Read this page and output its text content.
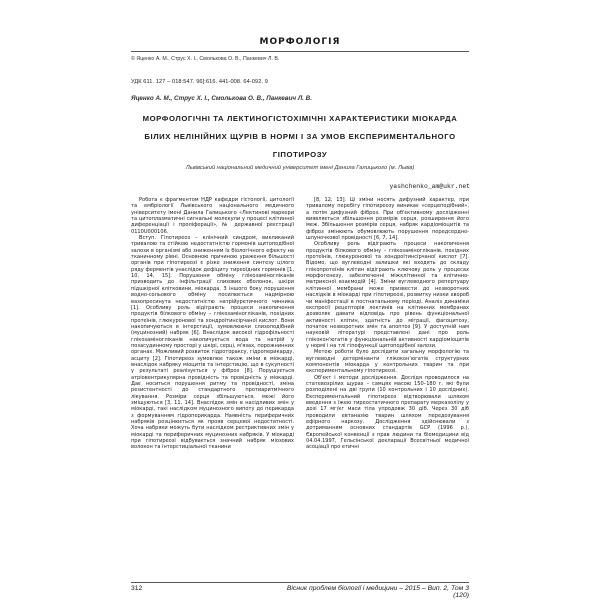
МОРФОЛОГІЯ
© Яценко А. М., Струс Х. І., Смолькова О. В., Панкевич Л. В.
УДК 611. 127 – 018:547. 96]:616. 441-008. 64-092. 9
Яценко А. М., Струс Х. І., Смолькова О. В., Панкевич Л. В.
МОРФОЛОГІЧНІ ТА ЛЕКТИНОГІСТОХІМІЧНІ ХАРАКТЕРИСТИКИ МІОКАРДА
БІЛИХ НЕЛІНІЙНИХ ЩУРІВ В НОРМІ І ЗА УМОВ ЕКСПЕРИМЕНТАЛЬНОГО
ГІПОТИРОЗУ
Львівський національний медичний університет імені Данила Галицького (м. Львів)
yashchenko_am@ukr.net

Робота є фрагментом НДР кафедри гістології, цитології та ембріології Львівського національного медичного університету імені Данила Галицького «Лектинові маркери та цитоплазматичні сигнальні молекули у процесі клітинної диференціації і проліферації», № державної реєстрації 0110U000106.

Вступ. Гіпотиреоз – клінічний синдром, викликаний тривалою та стійкою недостатністю гормонів щитоподібної залози в організмі або зниженням їх біологічного ефекту на тканинному рівні. Основною причиною ураження більшості органів при гіпотиреозі є різке зниження синтезу цілого ряду ферментів унаслідок дефіциту тиреоїдних гормонів [1, 10, 14, 15]. Порушення обміну глікозаміногліканів призводить до інфільтрації слизових оболонок, шкіри підшкірної клітковини, міокарда. З іншого боку порушення водно-сольового обміну посилюється надмірною вазопресинута недостатністю натрійуретичного чинника [1]. Особливу роль відіграють процеси накопичення продуктів білкового обміну – глікозаміногліканів, похідних протеїнів, глюкуронової та хондроїтинсірчаної кислот. Вони накопичуються в інтерстиції, зумовлюючи слизоподібний (муцинозний) набряк [6]. Внаслідок високої гідрофільності глікозаміногліканів накопичується вода та натрій у позасудинному просторі у шкірі, серці, м'язах, порожнинних органах. Можливий розвиток гідротораксу, гідроперикарду, асциту [2]. Гіпотиреоз зумовлює також зміни в міокарді, внаслідок набряку міоцитів та інтерстицію, що в сукупності у результаті реалізується у фіброз [8]. Порушується атріовентрикулярна провідність та провідність у міокарді. Дає носиться порушення ритму та провідності, зміна резистентності до стандартного протиаритмічного лікування. Розміри серця збільшуються, межі його зміщуються [3, 11, 14]. Внаслідок змін в насідливих змін у міокарді, такі наслідком муцинозного випоту до перикарда з формуванням гідроперикарда. Наявність периферичних набряків розцінюється як прояв серцевої недостатності. Хоча набряки можуть бути наслідком рестриктивних змін у міокарді та периферичних муцинозних набряків. У міокарді при гіпотиреозі відбувається значний набряк міозових волокон та інтерстиціальної тканини

[8, 12, 13]. Ці зміни носять дифузний характер, при тривалому перебігу гіпотиреозу виникає «серцеподібний», а потім дифузний фіброз. При об'єктивному дослідженні виявляється збільшення розмірів серця, розширення його меж. Збільшення розмірів серця, набряк кардіоміоцитів та фіброз змінюють обумовлюють порушення передсердно-шлуночкової провідності [6, 7, 14].

Особливу роль відіграють процеси накопичення продуктів білкового обміну – глікозаміногліканів, похідних протеїнів, глюкуронової та хондроїтинсірчаної кислот [7]. Відомо, що вуглеводні залишки які входять до складу глікопротеїнів клітин відіграють ключову роль у процесах морфогенезу, забезпеченні міжклітинної та клітинно-матриксної взаємодій [4]. Зміни вуглеводного репертуару клітинної мембрани може призвести до незворотних наслідків в міокарді при гіпотиреозі, розвитку низки хвороб чи маніфестації в постнатальному періоді. Аналіз динаміки експресії рецепторів лектинів на клітинних мембранах дозволяє давати відповідь про рівень функціональної активності клітин, здатність до міграції, фагоцитозу, початок незворотних змін та апоптоз [9]. У доступній нам науковій літературі представлені дані про роль глікокон'югатів у функціональній активності кардіоміоцитів у нормі і на тлі гіпофункції щитоподібної залози.

Метою роботи було дослідити загальну морфологію та вуглеводні детермінанти глікокон'югатів структурних компонентів міокарда у контрольних тварин та при експериментальному гіпотиреозі.

Об'єкт і методи дослідження. Дослідя проводилося на статевозрілих щурах – самцях масою 150–180 г. які були розподілені на дві групи (10 контрольних і 10 дослідних). Експериментальний гіпотиреоз відтворювали шляхом введення з їжею тиреостатичного препарату мерказолілу у дозі 17 мг/кг маси тіла упродовж 30 діб. Через 30 діб проводили евтаназію тварин шляхом передозування ефірного наркозу. Дослідження здійснювали з дотриманням основних стандартів GCP (1996 р.), Європейської конвенції з прав людини та біомедицини від 04.04.1997, Гельсінської декларації Всесвітньої медичної асоціації про етичні

312	Вісник проблем біології і медицини – 2015 – Вип. 2, Том 3 (120)
